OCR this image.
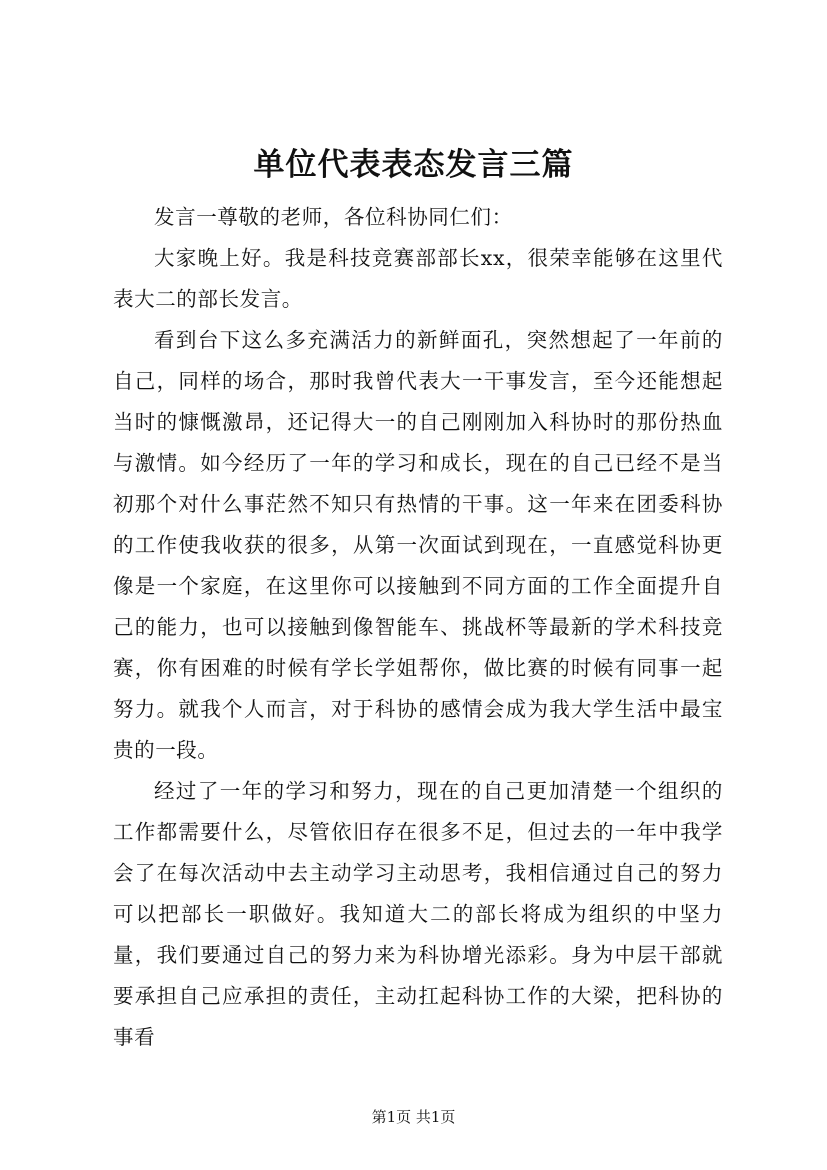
单位代表表态发言三篇

发言一尊敬的老师，各位科协同仁们：

大家晚上好。我是科技竞赛部部长xx，很荣幸能够在这里代表大二的部长发言。

看到台下这么多充满活力的新鲜面孔，突然想起了一年前的自己，同样的场合，那时我曾代表大一干事发言，至今还能想起当时的慷慨激昂，还记得大一的自己刚刚加入科协时的那份热血与激情。如今经历了一年的学习和成长，现在的自己已经不是当初那个对什么事茫然不知只有热情的干事。这一年来在团委科协的工作使我收获的很多，从第一次面试到现在，一直感觉科协更像是一个家庭，在这里你可以接触到不同方面的工作全面提升自己的能力，也可以接触到像智能车、挑战杯等最新的学术科技竞赛，你有困难的时候有学长学姐帮你，做比赛的时候有同事一起努力。就我个人而言，对于科协的感情会成为我大学生活中最宝贵的一段。

经过了一年的学习和努力，现在的自己更加清楚一个组织的工作都需要什么，尽管依旧存在很多不足，但过去的一年中我学会了在每次活动中去主动学习主动思考，我相信通过自己的努力可以把部长一职做好。我知道大二的部长将成为组织的中坚力量，我们要通过自己的努力来为科协增光添彩。身为中层干部就要承担自己应承担的责任，主动扛起科协工作的大梁，把科协的事看

第1页 共1页
